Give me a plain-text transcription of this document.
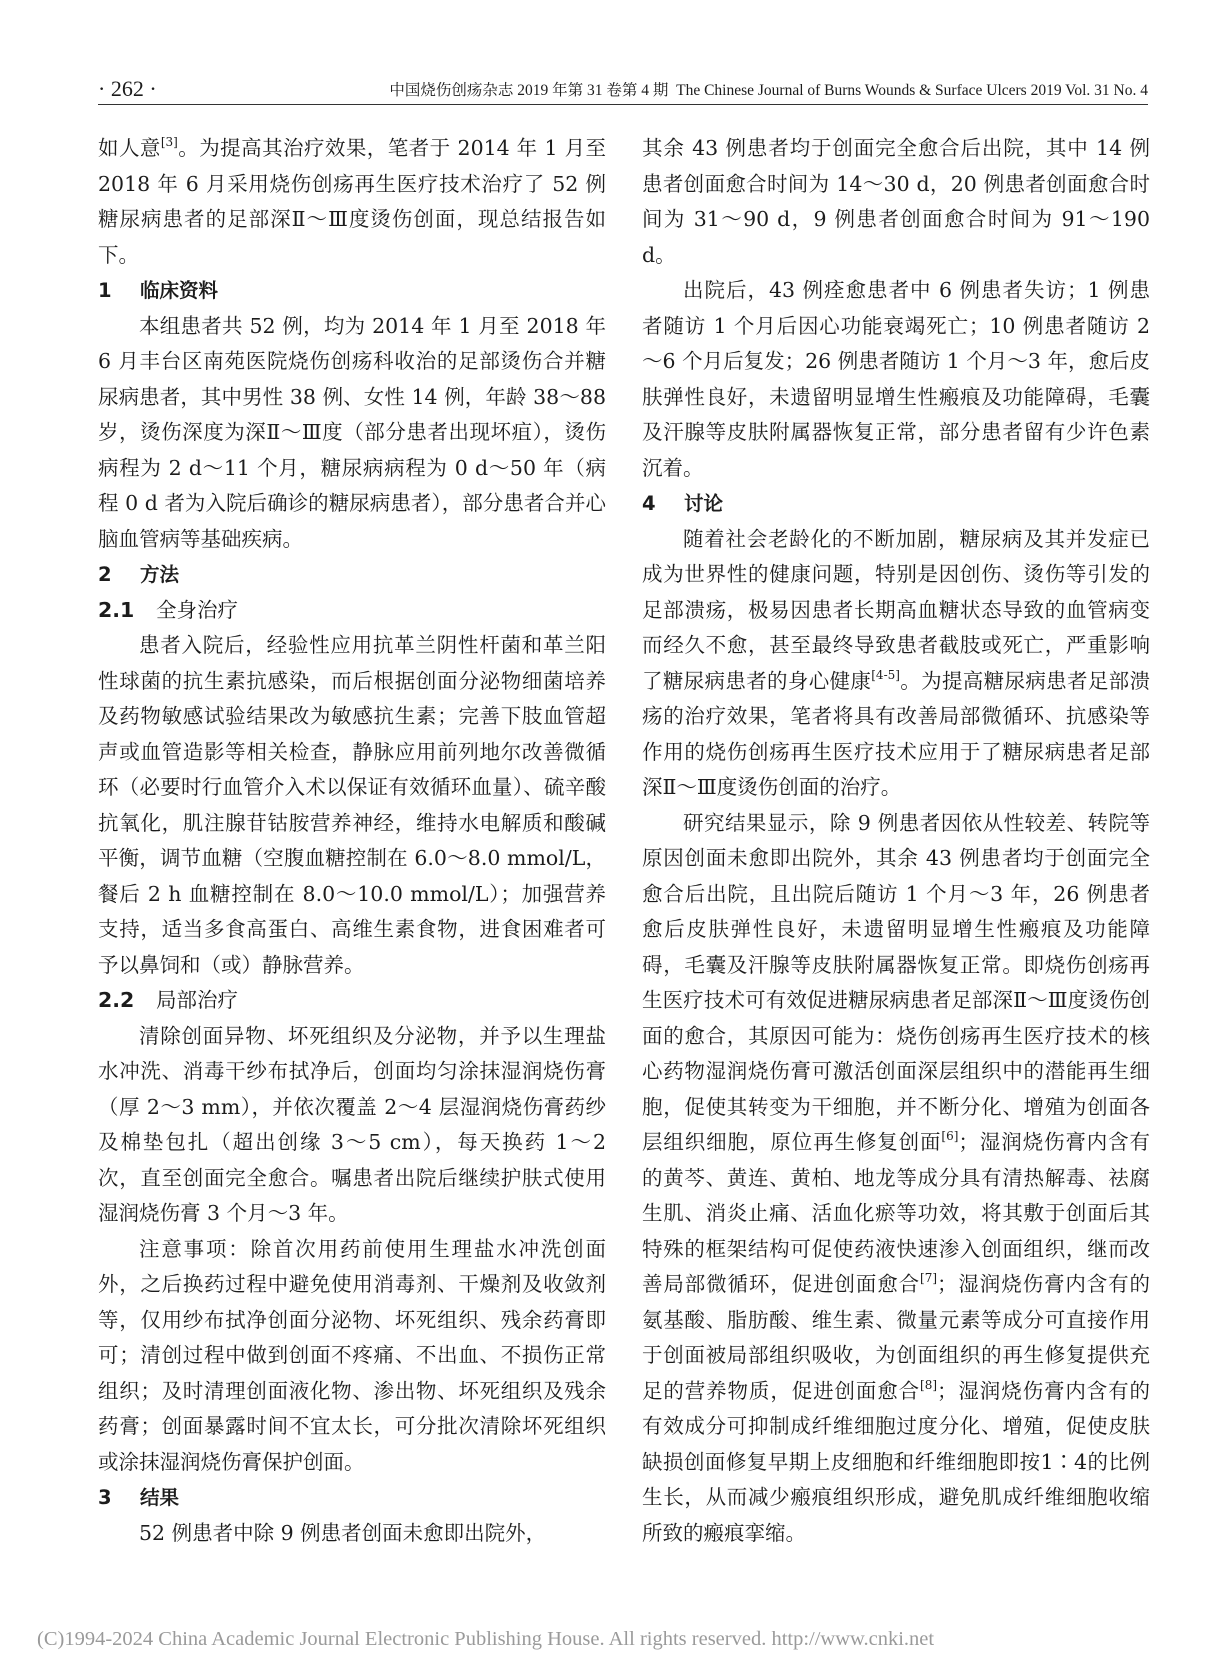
· 262 ·	中国烧伤创疡杂志 2019 年第 31 卷第 4 期 The Chinese Journal of Burns Wounds & Surface Ulcers 2019 Vol. 31 No. 4

如人意[3]。为提高其治疗效果，笔者于 2014 年 1 月至 2018 年 6 月采用烧伤创疡再生医疗技术治疗了 52 例糖尿病患者的足部深Ⅱ～Ⅲ度烫伤创面，现总结报告如下。

1 临床资料

本组患者共 52 例，均为 2014 年 1 月至 2018 年 6 月丰台区南苑医院烧伤创疡科收治的足部烫伤合并糖尿病患者，其中男性 38 例、女性 14 例，年龄 38～88 岁，烫伤深度为深Ⅱ～Ⅲ度（部分患者出现坏疽），烫伤病程为 2 d～11 个月，糖尿病病程为 0 d～50 年（病程 0 d 者为入院后确诊的糖尿病患者），部分患者合并心脑血管病等基础疾病。

2 方法

2.1 全身治疗

患者入院后，经验性应用抗革兰阴性杆菌和革兰阳性球菌的抗生素抗感染，而后根据创面分泌物细菌培养及药物敏感试验结果改为敏感抗生素；完善下肢血管超声或血管造影等相关检查，静脉应用前列地尔改善微循环（必要时行血管介入术以保证有效循环血量）、硫辛酸抗氧化，肌注腺苷钴胺营养神经，维持水电解质和酸碱平衡，调节血糖（空腹血糖控制在 6.0～8.0 mmol/L，餐后 2 h 血糖控制在 8.0～10.0 mmol/L）；加强营养支持，适当多食高蛋白、高维生素食物，进食困难者可予以鼻饲和（或）静脉营养。

2.2 局部治疗

清除创面异物、坏死组织及分泌物，并予以生理盐水冲洗、消毒干纱布拭净后，创面均匀涂抹湿润烧伤膏（厚 2～3 mm），并依次覆盖 2～4 层湿润烧伤膏药纱及棉垫包扎（超出创缘 3～5 cm），每天换药 1～2 次，直至创面完全愈合。嘱患者出院后继续护肤式使用湿润烧伤膏 3 个月～3 年。

注意事项：除首次用药前使用生理盐水冲洗创面外，之后换药过程中避免使用消毒剂、干燥剂及收敛剂等，仅用纱布拭净创面分泌物、坏死组织、残余药膏即可；清创过程中做到创面不疼痛、不出血、不损伤正常组织；及时清理创面液化物、渗出物、坏死组织及残余药膏；创面暴露时间不宜太长，可分批次清除坏死组织或涂抹湿润烧伤膏保护创面。

3 结果

52 例患者中除 9 例患者创面未愈即出院外，

其余 43 例患者均于创面完全愈合后出院，其中 14 例患者创面愈合时间为 14～30 d，20 例患者创面愈合时间为 31～90 d，9 例患者创面愈合时间为 91～190 d。

出院后，43 例痊愈患者中 6 例患者失访；1 例患者随访 1 个月后因心功能衰竭死亡；10 例患者随访 2～6 个月后复发；26 例患者随访 1 个月～3 年，愈后皮肤弹性良好，未遗留明显增生性瘢痕及功能障碍，毛囊及汗腺等皮肤附属器恢复正常，部分患者留有少许色素沉着。

4 讨论

随着社会老龄化的不断加剧，糖尿病及其并发症已成为世界性的健康问题，特别是因创伤、烫伤等引发的足部溃疡，极易因患者长期高血糖状态导致的血管病变而经久不愈，甚至最终导致患者截肢或死亡，严重影响了糖尿病患者的身心健康[4-5]。为提高糖尿病患者足部溃疡的治疗效果，笔者将具有改善局部微循环、抗感染等作用的烧伤创疡再生医疗技术应用于了糖尿病患者足部深Ⅱ～Ⅲ度烫伤创面的治疗。

研究结果显示，除 9 例患者因依从性较差、转院等原因创面未愈即出院外，其余 43 例患者均于创面完全愈合后出院，且出院后随访 1 个月～3 年，26 例患者愈后皮肤弹性良好，未遗留明显增生性瘢痕及功能障碍，毛囊及汗腺等皮肤附属器恢复正常。即烧伤创疡再生医疗技术可有效促进糖尿病患者足部深Ⅱ～Ⅲ度烫伤创面的愈合，其原因可能为：烧伤创疡再生医疗技术的核心药物湿润烧伤膏可激活创面深层组织中的潜能再生细胞，促使其转变为干细胞，并不断分化、增殖为创面各层组织细胞，原位再生修复创面[6]；湿润烧伤膏内含有的黄芩、黄连、黄柏、地龙等成分具有清热解毒、祛腐生肌、消炎止痛、活血化瘀等功效，将其敷于创面后其特殊的框架结构可促使药液快速渗入创面组织，继而改善局部微循环，促进创面愈合[7]；湿润烧伤膏内含有的氨基酸、脂肪酸、维生素、微量元素等成分可直接作用于创面被局部组织吸收，为创面组织的再生修复提供充足的营养物质，促进创面愈合[8]；湿润烧伤膏内含有的有效成分可抑制成纤维细胞过度分化、增殖，促使皮肤缺损创面修复早期上皮细胞和纤维细胞即按1∶4的比例生长，从而减少瘢痕组织形成，避免肌成纤维细胞收缩所致的瘢痕挛缩。

(C)1994-2024 China Academic Journal Electronic Publishing House. All rights reserved. http://www.cnki.net
